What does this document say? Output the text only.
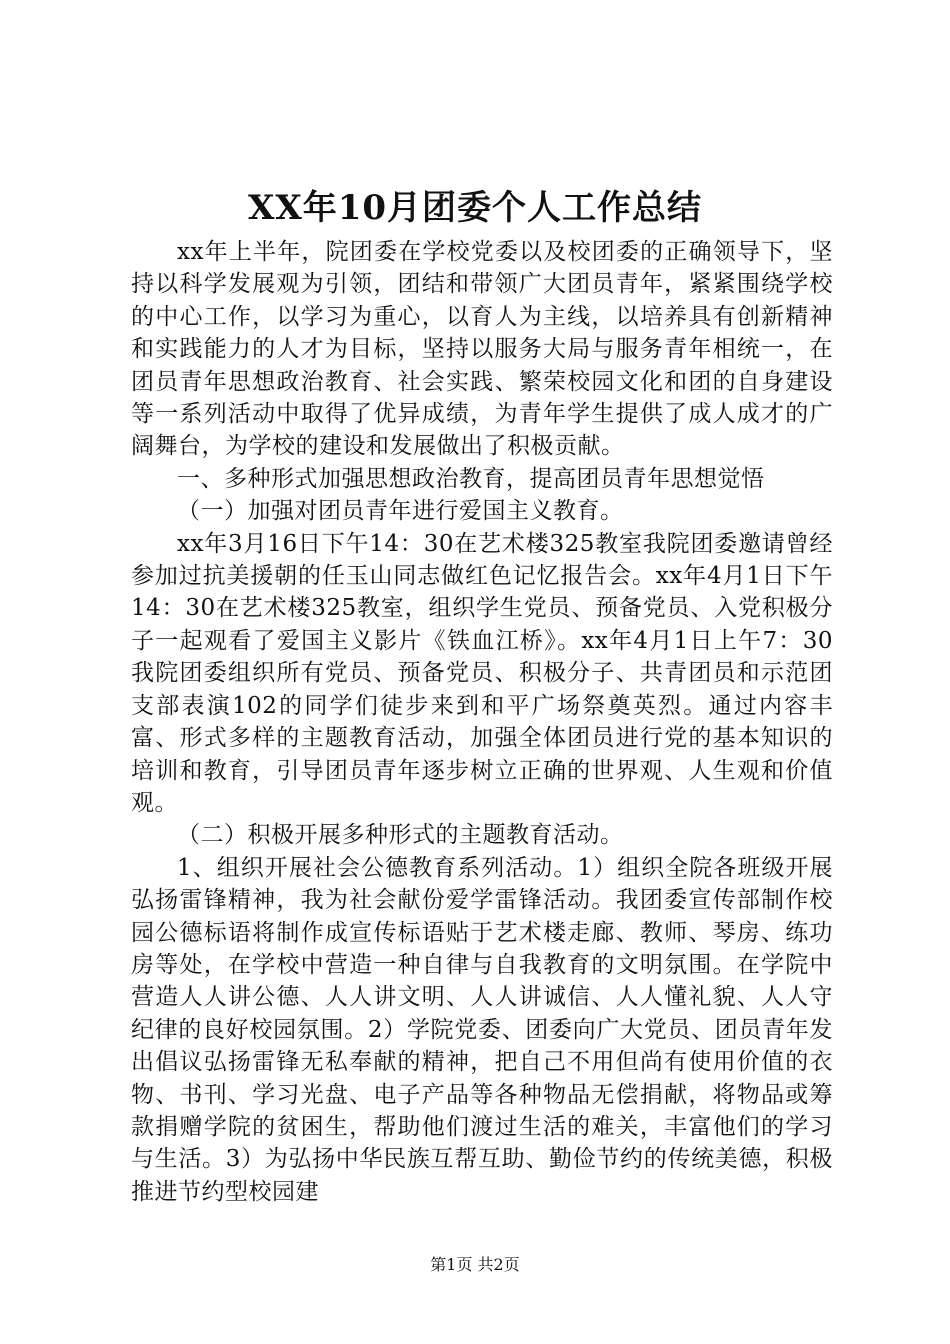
XX年10月团委个人工作总结

xx年上半年，院团委在学校党委以及校团委的正确领导下，坚持以科学发展观为引领，团结和带领广大团员青年，紧紧围绕学校的中心工作，以学习为重心，以育人为主线，以培养具有创新精神和实践能力的人才为目标，坚持以服务大局与服务青年相统一，在团员青年思想政治教育、社会实践、繁荣校园文化和团的自身建设等一系列活动中取得了优异成绩，为青年学生提供了成人成才的广阔舞台，为学校的建设和发展做出了积极贡献。

一、多种形式加强思想政治教育，提高团员青年思想觉悟

（一）加强对团员青年进行爱国主义教育。

xx年3月16日下午14：30在艺术楼325教室我院团委邀请曾经参加过抗美援朝的任玉山同志做红色记忆报告会。xx年4月1日下午14：30在艺术楼325教室，组织学生党员、预备党员、入党积极分子一起观看了爱国主义影片《铁血江桥》。xx年4月1日上午7：30我院团委组织所有党员、预备党员、积极分子、共青团员和示范团支部表演102的同学们徒步来到和平广场祭奠英烈。通过内容丰富、形式多样的主题教育活动，加强全体团员进行党的基本知识的培训和教育，引导团员青年逐步树立正确的世界观、人生观和价值观。

（二）积极开展多种形式的主题教育活动。

1、组织开展社会公德教育系列活动。1）组织全院各班级开展弘扬雷锋精神，我为社会献份爱学雷锋活动。我团委宣传部制作校园公德标语将制作成宣传标语贴于艺术楼走廊、教师、琴房、练功房等处，在学校中营造一种自律与自我教育的文明氛围。在学院中营造人人讲公德、人人讲文明、人人讲诚信、人人懂礼貌、人人守纪律的良好校园氛围。2）学院党委、团委向广大党员、团员青年发出倡议弘扬雷锋无私奉献的精神，把自己不用但尚有使用价值的衣物、书刊、学习光盘、电子产品等各种物品无偿捐献，将物品或筹款捐赠学院的贫困生，帮助他们渡过生活的难关，丰富他们的学习与生活。3）为弘扬中华民族互帮互助、勤俭节约的传统美德，积极推进节约型校园建

第1页 共2页
